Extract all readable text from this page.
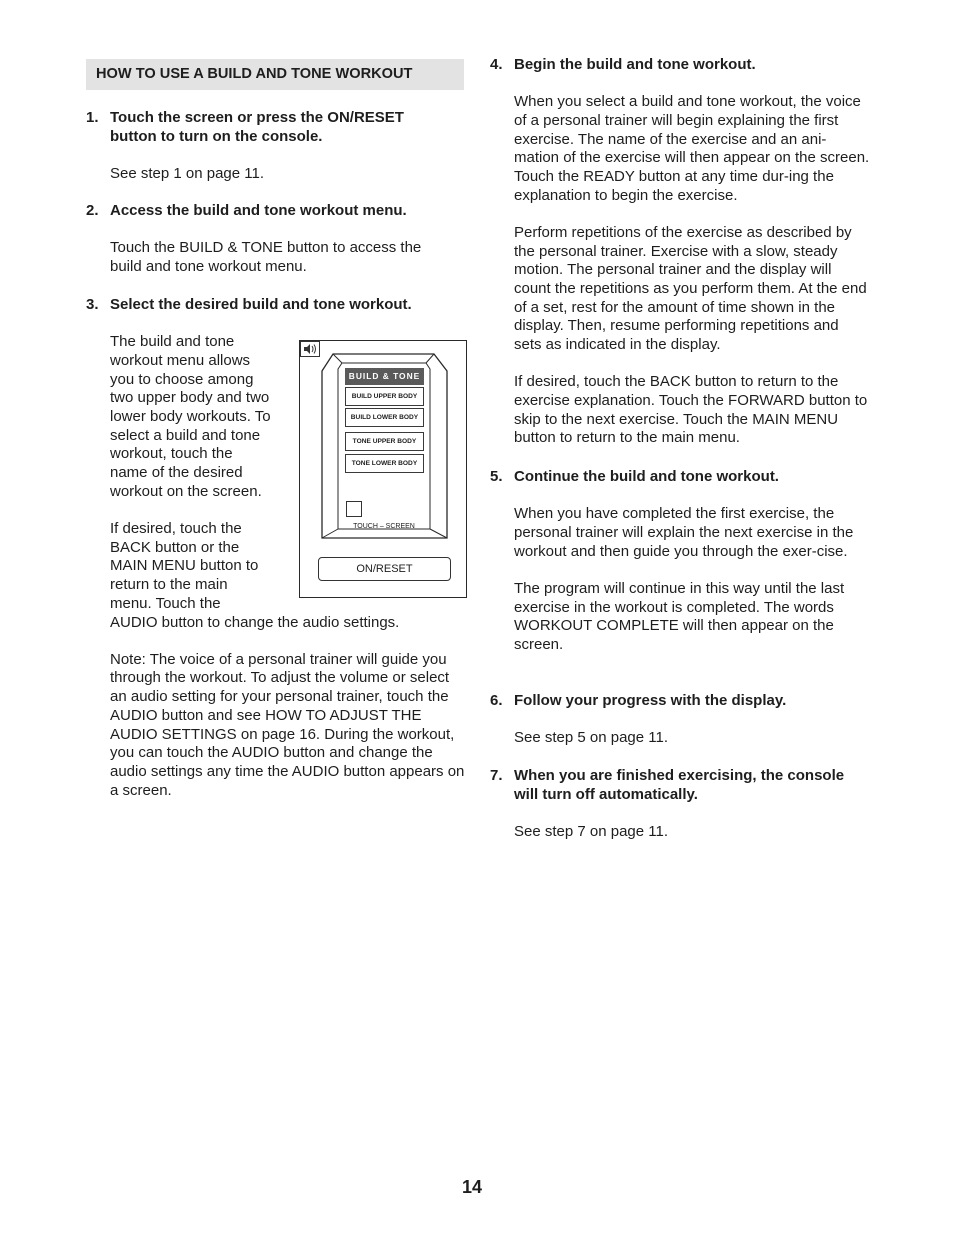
HOW TO USE A BUILD AND TONE WORKOUT
1. Touch the screen or press the ON/RESET
button to turn on the console.

See step 1 on page 11.

2. Access the build and tone workout menu.

Touch the BUILD & TONE button to access the build and tone workout menu.

3. Select the desired build and tone workout.

The build and tone
workout menu allows
you to choose among
two upper body and two
lower body workouts. To
select a build and tone
workout, touch the
name of the desired
workout on the screen.

If desired, touch the
BACK button or the
MAIN MENU button to
return to the main
menu. Touch the
AUDIO button to change the audio settings.

Note: The voice of a personal trainer will guide you through the workout. To adjust the volume or select an audio setting for your personal trainer, touch the AUDIO button and see HOW TO ADJUST THE AUDIO SETTINGS on page 16. During the workout, you can touch the AUDIO button and change the audio settings any time the AUDIO button appears on a screen.

BUILD & TONE
BUILD UPPER BODY
BUILD LOWER BODY
TONE UPPER BODY
TONE LOWER BODY
TOUCH – SCREEN
ON/RESET
4. Begin the build and tone workout.

When you select a build and tone workout, the voice of a personal trainer will begin explaining the first exercise. The name of the exercise and an ani-mation of the exercise will then appear on the screen. Touch the READY button at any time dur-ing the explanation to begin the exercise.

Perform repetitions of the exercise as described by the personal trainer. Exercise with a slow, steady motion. The personal trainer and the display will count the repetitions as you perform them. At the end of a set, rest for the amount of time shown in the display. Then, resume performing repetitions and sets as indicated in the display.

If desired, touch the BACK button to return to the exercise explanation. Touch the FORWARD button to skip to the next exercise. Touch the MAIN MENU button to return to the main menu.

5. Continue the build and tone workout.

When you have completed the first exercise, the personal trainer will explain the next exercise in the workout and then guide you through the exer-cise.

The program will continue in this way until the last exercise in the workout is completed. The words WORKOUT COMPLETE will then appear on the screen.

6. Follow your progress with the display.

See step 5 on page 11.

7. When you are finished exercising, the console
will turn off automatically.

See step 7 on page 11.

14
